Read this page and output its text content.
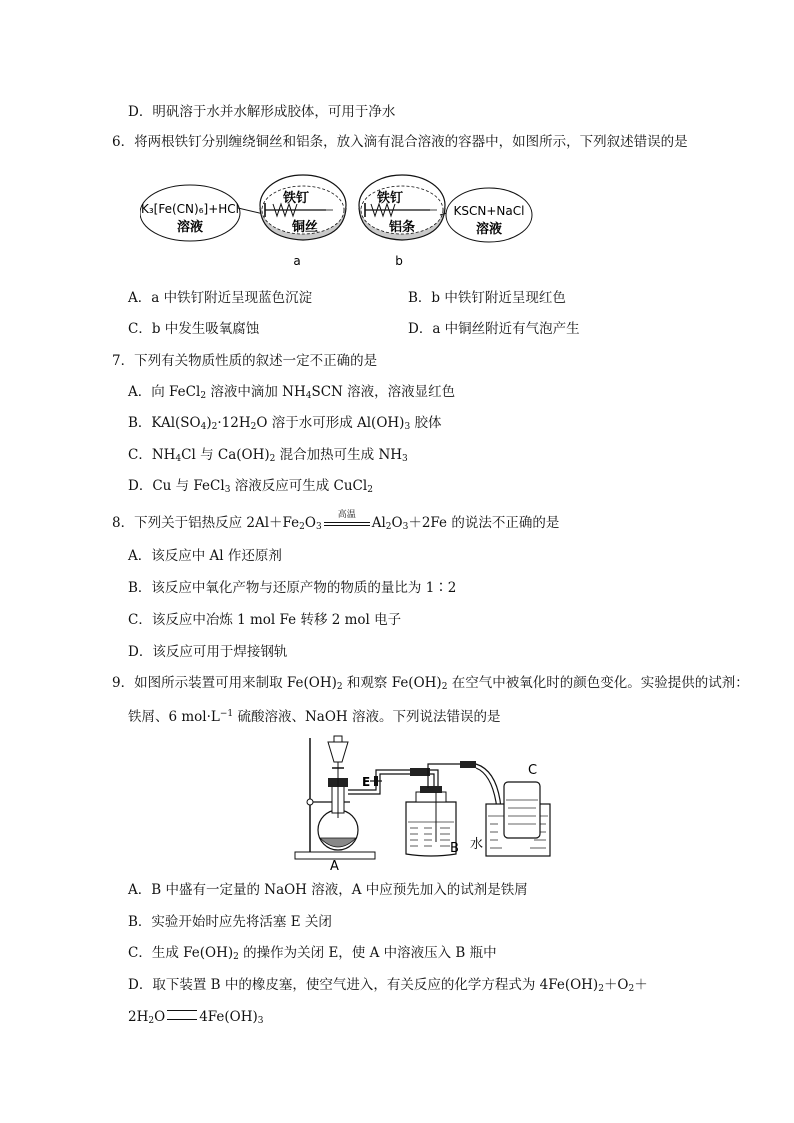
D．明矾溶于水并水解形成胶体，可用于净水
6．将两根铁钉分别缠绕铜丝和铝条，放入滴有混合溶液的容器中，如图所示，下列叙述错误的是
K₃[Fe(CN)₆]+HCl
溶液
铁钉
铜丝
a
铁钉
铝条
b
KSCN+NaCl
溶液
A．a 中铁钉附近呈现蓝色沉淀	B．b 中铁钉附近呈现红色
C．b 中发生吸氧腐蚀	D．a 中铜丝附近有气泡产生
7．下列有关物质性质的叙述一定不正确的是
A．向 FeCl$_2$ 溶液中滴加 $NH_4SCN$ 溶液，溶液显红色
B．$KAl(SO_4)_2\cdot 12H_2O$ 溶于水可形成 $Al(OH)_3$ 胶体
C．$NH_4Cl$ 与 $Ca(OH)_2$ 混合加热可生成 $NH_3$
D．Cu 与 FeCl$_3$ 溶液反应可生成 CuCl$_2$
8．下列关于铝热反应 $2Al+Fe_2O_3$
高温	$Al_2O_3+2Fe$ 的说法不正确的是
A．该反应中 Al 作还原剂
B．该反应中氧化产物与还原产物的物质的量比为 1∶2
C．该反应中冶炼 1 mol Fe 转移 2 mol 电子
D．该反应可用于焊接钢轨
9．如图所示装置可用来制取 $Fe(OH)_2$ 和观察 $Fe(OH)_2$ 在空气中被氧化时的颜色变化。实验提供的试剂：
铁屑、6 $mol\cdot L^{-1}$ 硫酸溶液、NaOH 溶液。下列说法错误的是
E
C
水
B
A
A．B 中盛有一定量的 NaOH 溶液，A 中应预先加入的试剂是铁屑
B．实验开始时应先将活塞 E 关闭
C．生成 $Fe(OH)_2$ 的操作为关闭 E，使 A 中溶液压入 B 瓶中
D．取下装置 B 中的橡皮塞，使空气进入，有关反应的化学方程式为 $4Fe(OH)_2+O_2+$
$2H_2O$	$4Fe(OH)_3$
